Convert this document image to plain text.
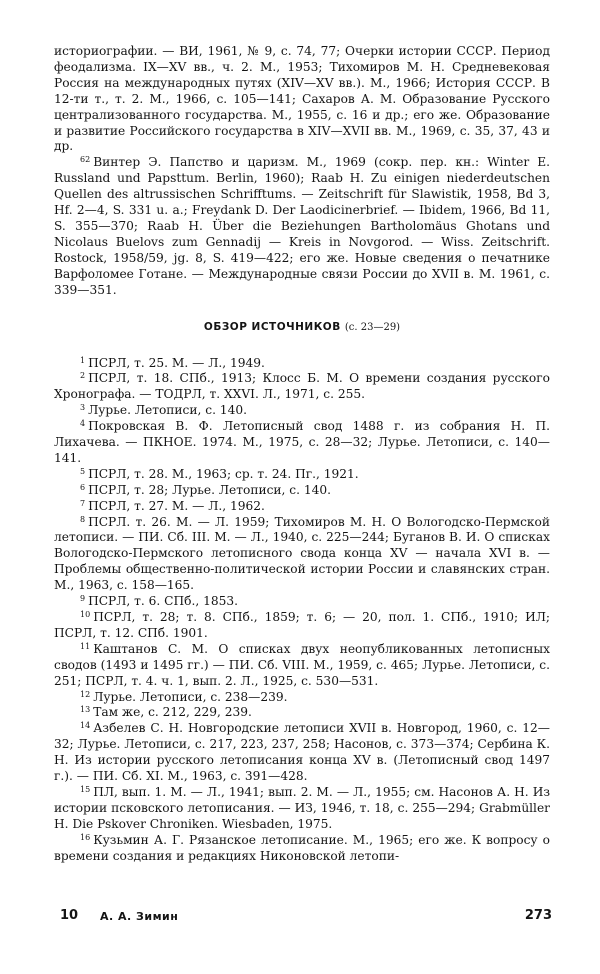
историографии. — ВИ, 1961, № 9, с. 74, 77; Очерки истории СССР. Период феодализма. IX—XV вв., ч. 2. М., 1953; Тихомиров М. Н. Средневековая Россия на международных путях (XIV—XV вв.). М., 1966; История СССР. В 12-ти т., т. 2. М., 1966, с. 105—141; Сахаров А. М. Образование Русского централизованного государства. М., 1955, с. 16 и др.; его же. Образование и развитие Российского государства в XIV—XVII вв. М., 1969, с. 35, 37, 43 и др.

$^{62}$ Винтер Э. Папство и царизм. М., 1969 (сокр. пер. кн.: Winter E. Russland und Papsttum. Berlin, 1960); Raab H. Zu einigen niederdeutschen Quellen des altrussischen Schrifftums. — Zeitschrift für Slawistik, 1958, Bd 3, Hf. 2—4, S. 331 u. a.; Freydank D. Der Laodicinerbrief. — Ibidem, 1966, Bd 11, S. 355—370; Raab H. Über die Beziehungen Bartholomäus Ghotans und Nicolaus Buelovs zum Gennadij — Kreis in Novgorod. — Wiss. Zeitschrift. Rostock, 1958/59, jg. 8, S. 419—422; его же. Новые сведения о печатнике Варфоломее Готане. — Международные связи России до XVII в. М. 1961, с. 339—351.

ОБЗОР ИСТОЧНИКОВ (с. 23—29)

$^1$ ПСРЛ, т. 25. М. — Л., 1949.

$^2$ ПСРЛ, т. 18. СПб., 1913; Клосс Б. М. О времени создания русского Хронографа. — ТОДРЛ, т. XXVI. Л., 1971, с. 255.

$^3$ Лурье. Летописи, с. 140.

$^4$ Покровская В. Ф. Летописный свод 1488 г. из собрания Н. П. Лихачева. — ПКНОЕ. 1974. М., 1975, с. 28—32; Лурье. Летописи, с. 140—141.

$^5$ ПСРЛ, т. 28. М., 1963; ср. т. 24. Пг., 1921.

$^6$ ПСРЛ, т. 28; Лурье. Летописи, с. 140.

$^7$ ПСРЛ, т. 27. М. — Л., 1962.

$^8$ ПСРЛ. т. 26. М. — Л. 1959; Тихомиров М. Н. О Вологодско-Пермской летописи. — ПИ. Сб. III. М. — Л., 1940, с. 225—244; Буганов В. И. О списках Вологодско-Пермского летописного свода конца XV — начала XVI в. — Проблемы общественно-политической истории России и славянских стран. М., 1963, с. 158—165.

$^9$ ПСРЛ, т. 6. СПб., 1853.

$^{10}$ ПСРЛ, т. 28; т. 8. СПб., 1859; т. 6; — 20, пол. 1. СПб., 1910; ИЛ; ПСРЛ, т. 12. СПб. 1901.

$^{11}$ Каштанов С. М. О списках двух неопубликованных летописных сводов (1493 и 1495 гг.) — ПИ. Сб. VIII. М., 1959, с. 465; Лурье. Летописи, с. 251; ПСРЛ, т. 4. ч. 1, вып. 2. Л., 1925, с. 530—531.

$^{12}$ Лурье. Летописи, с. 238—239.

$^{13}$ Там же, с. 212, 229, 239.

$^{14}$ Азбелев С. Н. Новгородские летописи XVII в. Новгород, 1960, с. 12—32; Лурье. Летописи, с. 217, 223, 237, 258; Насонов, с. 373—374; Сербина К. Н. Из истории русского летописания конца XV в. (Летописный свод 1497 г.). — ПИ. Сб. XI. М., 1963, с. 391—428.

$^{15}$ ПЛ, вып. 1. М. — Л., 1941; вып. 2. М. — Л., 1955; см. Насонов А. Н. Из истории псковского летописания. — ИЗ, 1946, т. 18, с. 255—294; Grabmüller H. Die Pskover Chroniken. Wiesbaden, 1975.

$^{16}$ Кузьмин А. Г. Рязанское летописание. М., 1965; его же. К вопросу о времени создания и редакциях Никоновской летопи-

10 А. А. Зимин	273
